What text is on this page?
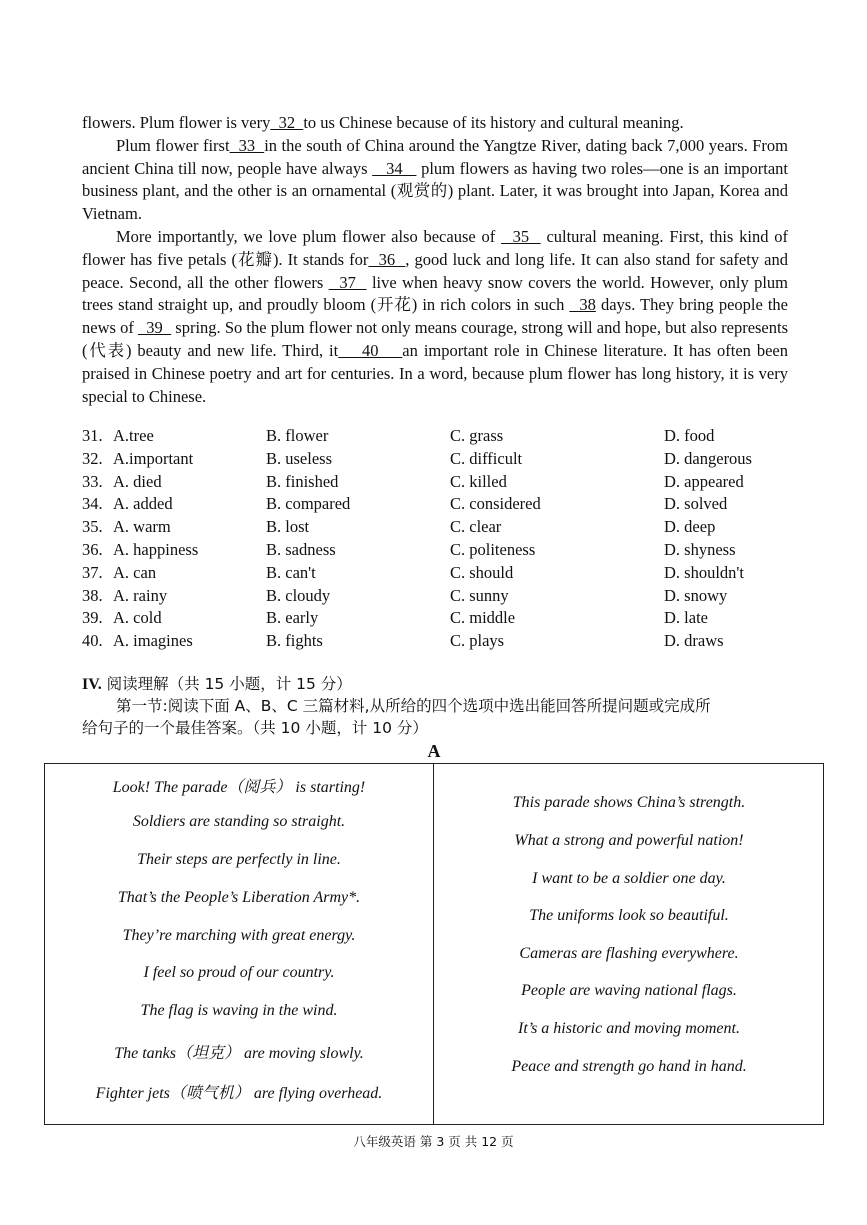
flowers. Plum flower is very  32  to us Chinese because of its history and cultural meaning.

Plum flower first  33  in the south of China around the Yangtze River, dating back 7,000 years. From ancient China till now, people have always    34    plum flowers as having two roles—one is an important business plant, and the other is an ornamental (观赏的) plant. Later, it was brought into Japan, Korea and Vietnam.

More importantly, we love plum flower also because of   35   cultural meaning. First, this kind of flower has five petals (花瓣). It stands for  36  , good luck and long life. It can also stand for safety and peace. Second, all the other flowers   37   live when heavy snow covers the world. However, only plum trees stand straight up, and proudly bloom (开花) in rich colors in such   38 days. They bring people the news of   39   spring. So the plum flower not only means courage, strong will and hope, but also represents (代表) beauty and new life. Third, it    40    an important role in Chinese literature. It has often been praised in Chinese poetry and art for centuries. In a word, because plum flower has long history, it is very special to Chinese.

31. A.tree	B. flower	C. grass	D. food
32. A.important	B. useless	C. difficult	D. dangerous
33. A. died	B. finished	C. killed	D. appeared
34. A. added	B. compared	C. considered	D. solved
35. A. warm	B. lost	C. clear	D. deep
36. A. happiness	B. sadness	C. politeness	D. shyness
37. A. can	B. can't	C. should	D. shouldn't
38. A. rainy	B. cloudy	C. sunny	D. snowy
39. A. cold	B. early	C. middle	D. late
40. A. imagines	B. fights	C. plays	D. draws
IV. 阅读理解（共 15 小题，计 15 分）

第一节:阅读下面 A、B、C 三篇材料,从所给的四个选项中选出能回答所提问题或完成所

给句子的一个最佳答案。（共 10 小题，计 10 分）

A
Look! The parade（阅兵） is starting!
Soldiers are standing so straight.
Their steps are perfectly in line.
That’s the People’s Liberation Army*.
They’re marching with great energy.
I feel so proud of our country.
The flag is waving in the wind.
The tanks（坦克） are moving slowly.
Fighter jets（喷气机） are flying overhead.
This parade shows China’s strength.
What a strong and powerful nation!
I want to be a soldier one day.
The uniforms look so beautiful.
Cameras are flashing everywhere.
People are waving national flags.
It’s a historic and moving moment.
Peace and strength go hand in hand.
八年级英语 第 3 页 共 12 页
